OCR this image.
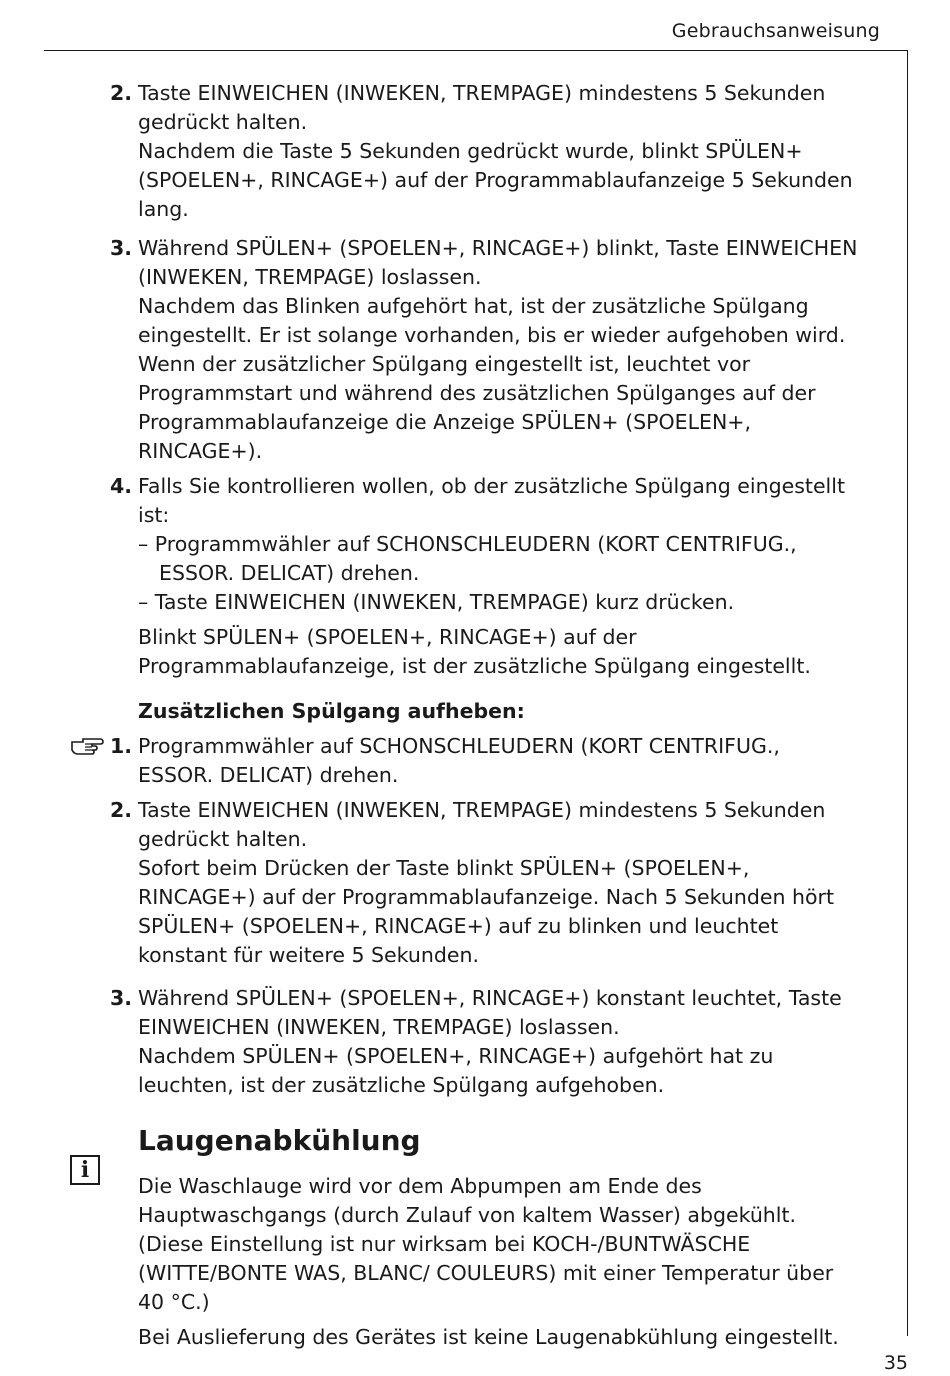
Gebrauchsanweisung
2. Taste EINWEICHEN (INWEKEN, TREMPAGE) mindestens 5 Sekunden gedrückt halten.

Nachdem die Taste 5 Sekunden gedrückt wurde, blinkt SPÜLEN+ (SPOELEN+, RINCAGE+) auf der Programmablaufanzeige 5 Sekunden lang.

3. Während SPÜLEN+ (SPOELEN+, RINCAGE+) blinkt, Taste EINWEICHEN (INWEKEN, TREMPAGE) loslassen.

Nachdem das Blinken aufgehört hat, ist der zusätzliche Spülgang eingestellt. Er ist solange vorhanden, bis er wieder aufgehoben wird. Wenn der zusätzlicher Spülgang eingestellt ist, leuchtet vor Programmstart und während des zusätzlichen Spülganges auf der Programmablaufanzeige die Anzeige SPÜLEN+ (SPOELEN+, RINCAGE+).

4. Falls Sie kontrollieren wollen, ob der zusätzliche Spülgang eingestellt ist:

– Programmwähler auf SCHONSCHLEUDERN (KORT CENTRIFUG., ESSOR. DELICAT) drehen.

– Taste EINWEICHEN (INWEKEN, TREMPAGE) kurz drücken.

Blinkt SPÜLEN+ (SPOELEN+, RINCAGE+) auf der Programmablaufanzeige, ist der zusätzliche Spülgang eingestellt.

Zusätzlichen Spülgang aufheben:
1. Programmwähler auf SCHONSCHLEUDERN (KORT CENTRIFUG., ESSOR. DELICAT) drehen.

2. Taste EINWEICHEN (INWEKEN, TREMPAGE) mindestens 5 Sekunden gedrückt halten.

Sofort beim Drücken der Taste blinkt SPÜLEN+ (SPOELEN+, RINCAGE+) auf der Programmablaufanzeige. Nach 5 Sekunden hört SPÜLEN+ (SPOELEN+, RINCAGE+) auf zu blinken und leuchtet konstant für weitere 5 Sekunden.

3. Während SPÜLEN+ (SPOELEN+, RINCAGE+) konstant leuchtet, Taste EINWEICHEN (INWEKEN, TREMPAGE) loslassen.

Nachdem SPÜLEN+ (SPOELEN+, RINCAGE+) aufgehört hat zu leuchten, ist der zusätzliche Spülgang aufgehoben.

Laugenabkühlung

Die Waschlauge wird vor dem Abpumpen am Ende des Hauptwaschgangs (durch Zulauf von kaltem Wasser) abgekühlt. (Diese Einstellung ist nur wirksam bei KOCH-/BUNTWÄSCHE (WITTE/BONTE WAS, BLANC/ COULEURS) mit einer Temperatur über 40 °C.)

Bei Auslieferung des Gerätes ist keine Laugenabkühlung eingestellt.

i
35
